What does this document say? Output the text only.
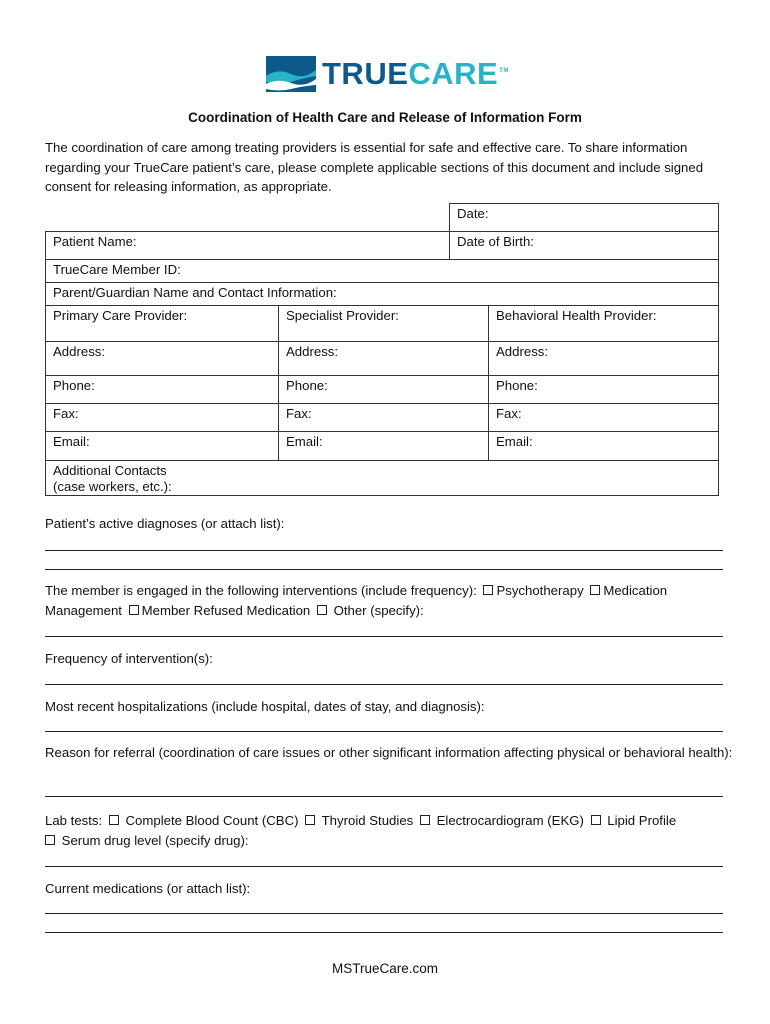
TRUECARE™
Coordination of Health Care and Release of Information Form
The coordination of care among treating providers is essential for safe and effective care. To share information regarding your TrueCare patient’s care, please complete applicable sections of this document and include signed consent for releasing information, as appropriate.
Date:
Patient Name:	Date of Birth:
TrueCare Member ID:
Parent/Guardian Name and Contact Information:
Primary Care Provider:	Specialist Provider:	Behavioral Health Provider:
Address:	Address:	Address:
Phone:	Phone:	Phone:
Fax:	Fax:	Fax:
Email:	Email:	Email:
Additional Contacts
(case workers, etc.):
Patient’s active diagnoses (or attach list):
The member is engaged in the following interventions (include frequency): Psychotherapy Medication
Management Member Refused Medication Other (specify):
Frequency of intervention(s):
Most recent hospitalizations (include hospital, dates of stay, and diagnosis):
Reason for referral (coordination of care issues or other significant information affecting physical or behavioral health):
Lab tests: Complete Blood Count (CBC) Thyroid Studies Electrocardiogram (EKG) Lipid Profile
Serum drug level (specify drug):
Current medications (or attach list):
MSTrueCare.com
